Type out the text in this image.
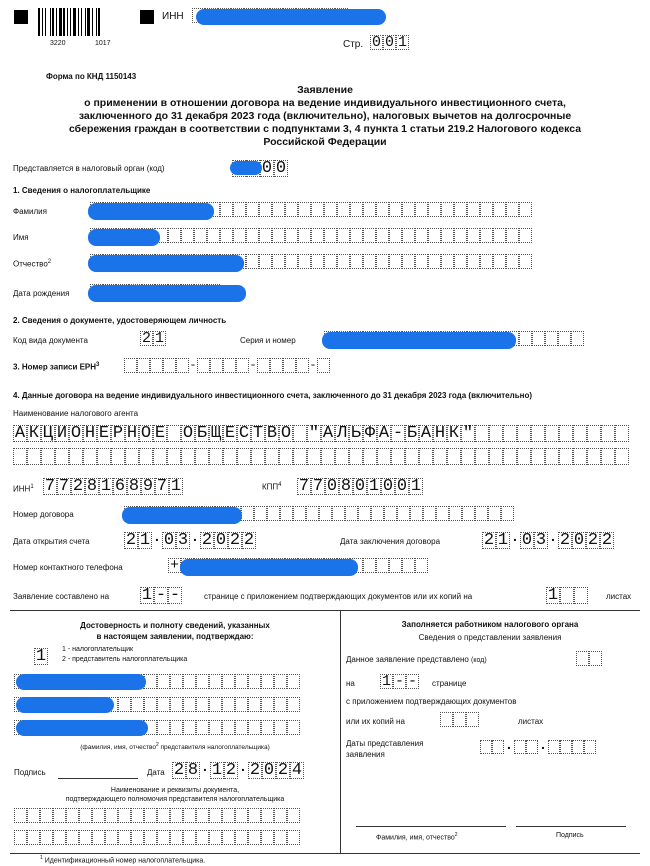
3220	1017
ИНН
Стр. 0 0 1
Форма по КНД 1150143
Заявление
о применении в отношении договора на ведение индивидуального инвестиционного счета,
заключенного до 31 декабря 2023 года (включительно), налоговых вычетов на долгосрочные
сбережения граждан в соответствии с подпунктами 3, 4 пункта 1 статьи 219.2 Налогового кодекса
Российской Федерации
Представляется в налоговый орган (код)	0 0
1. Сведения о налогоплательщике
Фамилия
Имя
Отчество$^2$
Дата рождения
2. Сведения о документе, удостоверяющем личность
Код вида документа	2 1	Серия и номер
3. Номер записи ЕРН$^3$	-	-	-
4. Данные договора на ведение индивидуального инвестиционного счета, заключенного до 31 декабря 2023 года (включительно)
Наименование налогового агента
А К Ц И О Н Е Р Н О Е О Б Щ Е С Т В О " А Л Ь Ф А - Б А Н К "
ИНН$^1$ 7 7 2 8 1 6 8 9 7 1	КПП$^4$ 7 7 0 8 0 1 0 0 1
Номер договора
Дата открытия счета 2 1 . 0 3 . 2 0 2 2	Дата заключения договора	2 1 . 0 3 . 2 0 2 2
Номер контактного телефона	+
Заявление составлено на 1 - -	странице с приложением подтверждающих документов или их копий на	1	листах
Достоверность и полноту сведений, указанных
в настоящем заявлении, подтверждаю:
1 1 - налогоплательщик
2 - представитель налогоплательщика
(фамилия, имя, отчество$^2$ представителя налогоплательщика)
Подпись	Дата 2 8 . 1 2 . 2 0 2 4
Наименование и реквизиты документа,
подтверждающего полномочия представителя налогоплательщика
Заполняется работником налогового органа
Сведения о представлении заявления
Данное заявление представлено (код)
на 1 - - странице
с приложением подтверждающих документов
или их копий на	листах
Даты представления
заявления
. .
Фамилия, имя, отчество$^2$	Подпись
$^1$ Идентификационный номер налогоплательщика.
